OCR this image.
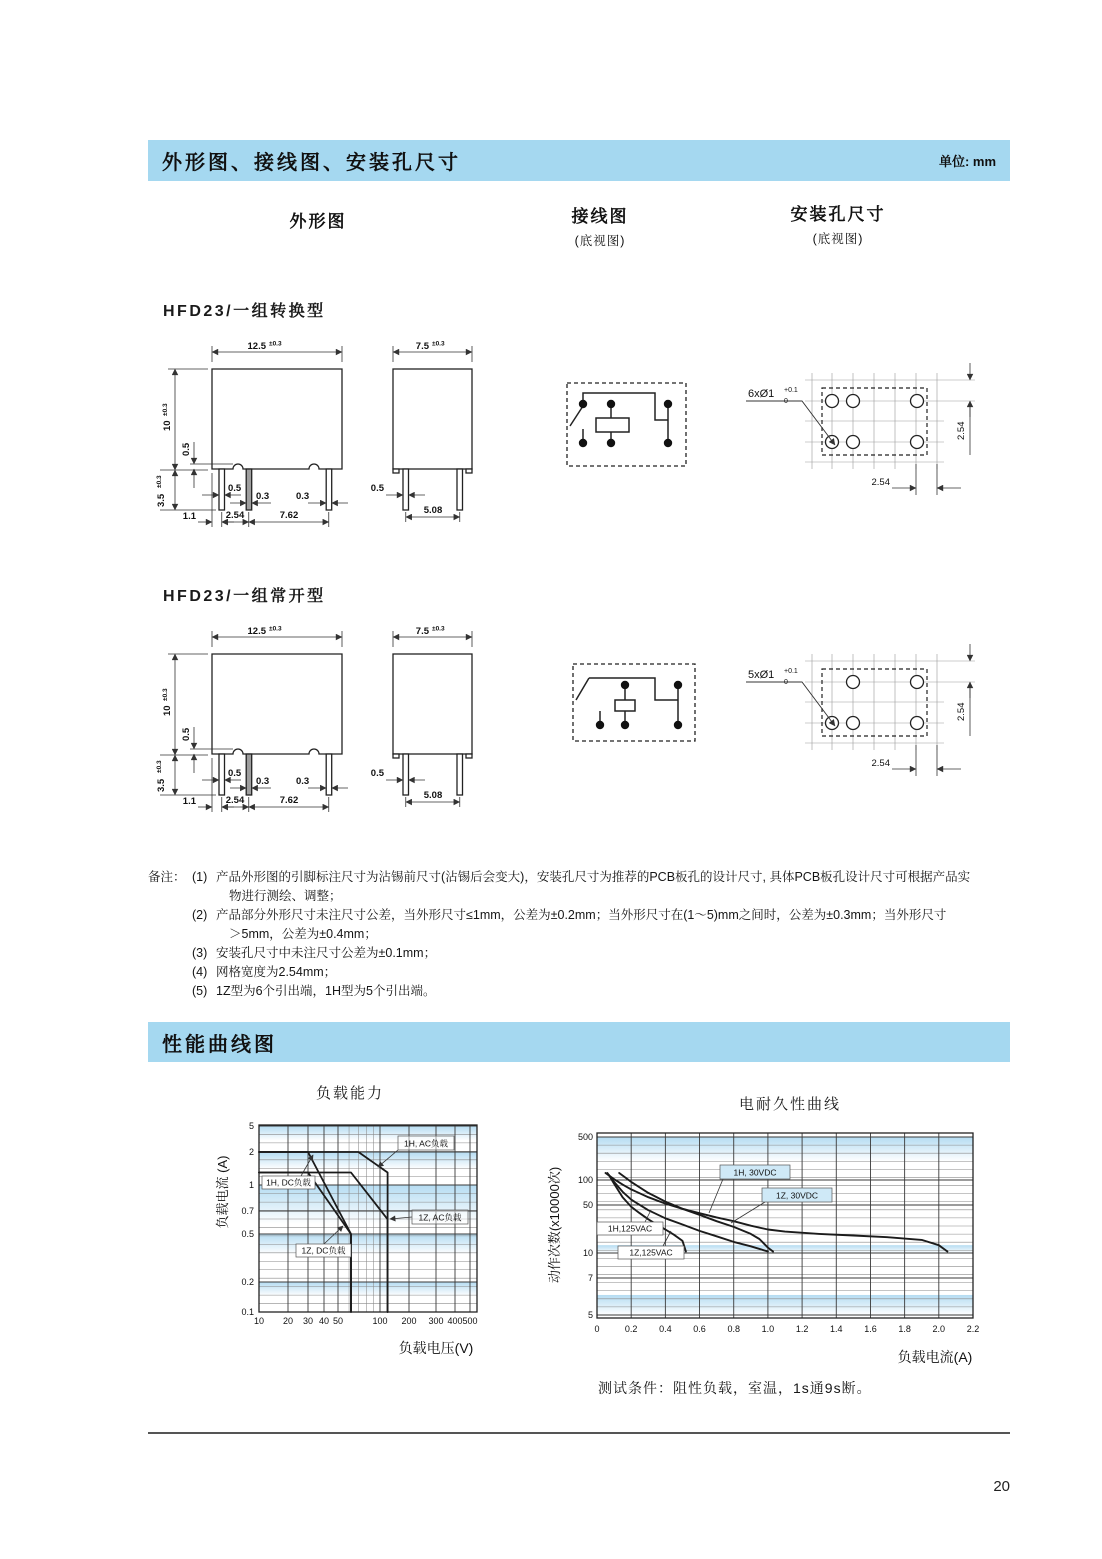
外形图、接线图、安装孔尺寸	单位: mm
外形图	接线图
(底视图)
安装孔尺寸
(底视图)
HFD23/一组转换型
12.5 ±0.3	7.5 ±0.3
10
±0.3
3.5
±0.3
0.5
0.5
0.3	0.3
1.1	2.54	7.62
0.5
5.08
6xØ1 +0.1
0
2.54
2.54
HFD23/一组常开型
12.5 ±0.3	7.5 ±0.3
10
±0.3
3.5
±0.3
0.5
0.5
0.3	0.3
1.1	2.54	7.62
0.5
5.08
5xØ1 +0.1
0
2.54
2.54
备注： (1) 产品外形图的引脚标注尺寸为沾锡前尺寸(沾锡后会变大)，安装孔尺寸为推荐的PCB板孔的设计尺寸, 具体PCB板孔设计尺寸可根据产品实
物进行测绘、调整；
(2) 产品部分外形尺寸未注尺寸公差，当外形尺寸≤1mm，公差为±0.2mm；当外形尺寸在(1～5)mm之间时，公差为±0.3mm；当外形尺寸
＞5mm，公差为±0.4mm；
(3) 安装孔尺寸中未注尺寸公差为±0.1mm；
(4) 网格宽度为2.54mm；
(5) 1Z型为6个引出端，1H型为5个引出端。
性能曲线图
负载能力
电耐久性曲线
10 20 30 40 50	100 200 300 400 500
5
2
1
0.7
0.5
0.2
0.1
1H, AC负载
1H, DC负载
1Z, AC负载
1Z, DC负载
负载电流 (A)
负载电压(V)
0	0.2 0.4 0.6 0.8 1.0 1.2 1.4 1.6 1.8 2.0 2.2
500
100
50
10
7
5
1H, 30VDC
1Z, 30VDC
1H,125VAC
1Z,125VAC
动作次数(x10000次)
负载电流(A)
测试条件：阻性负载，室温，1s通9s断。
20
